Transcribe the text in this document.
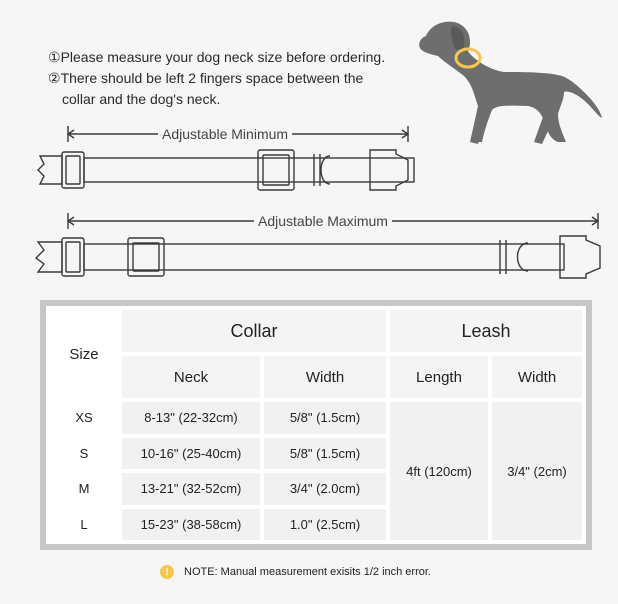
①Please measure your dog neck size before ordering.

②There should be left 2 fingers space between the

collar and the dog's neck.

Adjustable Minimum
Adjustable Maximum
Size	Collar		Leash	
	Neck	Width	Length	Width
XS	8-13" (22-32cm)	5/8" (1.5cm)	4ft (120cm)	3/4" (2cm)
S	10-16" (25-40cm)	5/8" (1.5cm)		
M	13-21" (32-52cm)	3/4" (2.0cm)		
L	15-23" (38-58cm)	1.0" (2.5cm)		
!	NOTE: Manual measurement exisits 1/2 inch error.
